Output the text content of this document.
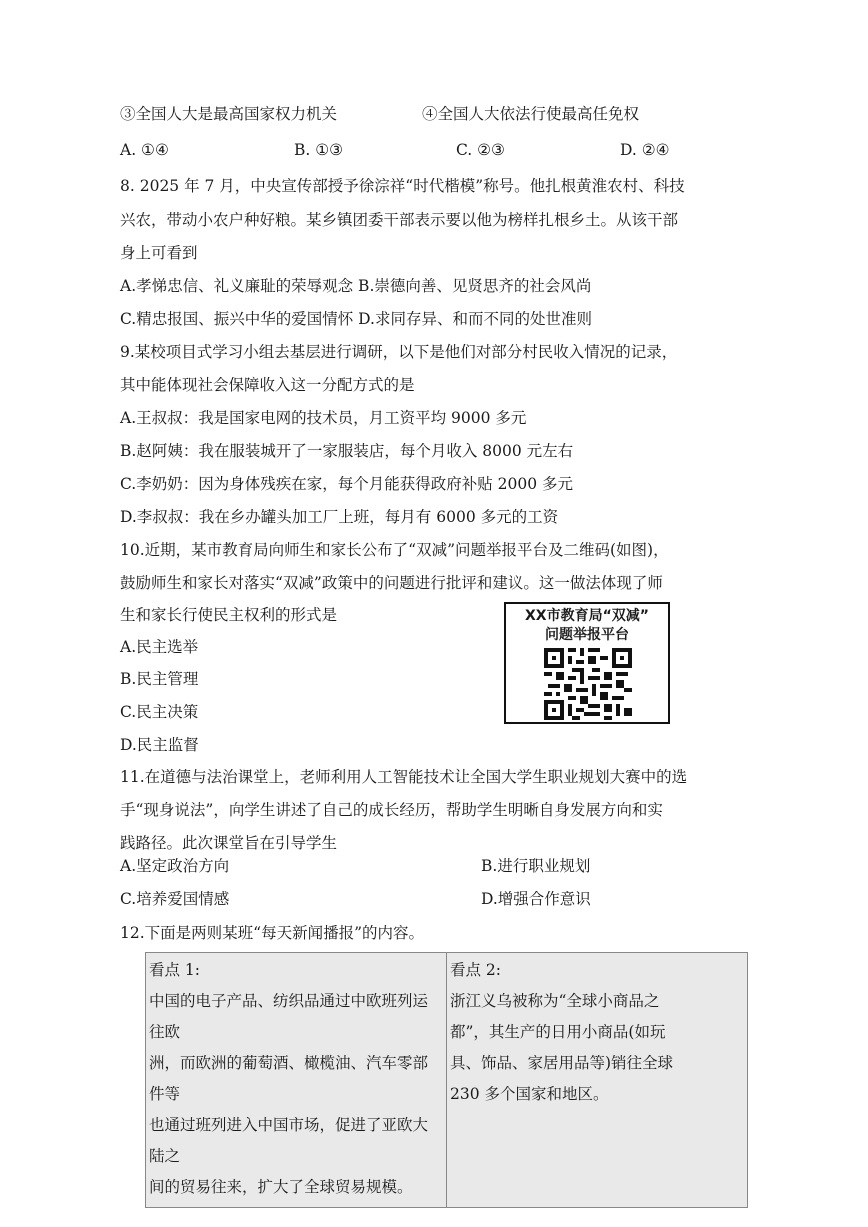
③全国人大是最高国家权力机关	④全国人大依法行使最高任免权
A. ①④	B. ①③	C. ②③	D. ②④
8. 2025 年 7 月，中央宣传部授予徐淙祥“时代楷模”称号。他扎根黄淮农村、科技
兴农，带动小农户种好粮。某乡镇团委干部表示要以他为榜样扎根乡土。从该干部
身上可看到
A.孝悌忠信、礼义廉耻的荣辱观念 B.崇德向善、见贤思齐的社会风尚
C.精忠报国、振兴中华的爱国情怀 D.求同存异、和而不同的处世准则
9.某校项目式学习小组去基层进行调研，以下是他们对部分村民收入情况的记录，
其中能体现社会保障收入这一分配方式的是
A.王叔叔：我是国家电网的技术员，月工资平均 9000 多元
B.赵阿姨：我在服装城开了一家服装店，每个月收入 8000 元左右
C.李奶奶：因为身体残疾在家，每个月能获得政府补贴 2000 多元
D.李叔叔：我在乡办罐头加工厂上班，每月有 6000 多元的工资
10.近期，某市教育局向师生和家长公布了“双减”问题举报平台及二维码(如图)，
鼓励师生和家长对落实“双减”政策中的问题进行批评和建议。这一做法体现了师
生和家长行使民主权利的形式是
A.民主选举
B.民主管理
C.民主决策
D.民主监督
XX市教育局“双减”
问题举报平台
11.在道德与法治课堂上，老师利用人工智能技术让全国大学生职业规划大赛中的选
手“现身说法”，向学生讲述了自己的成长经历，帮助学生明晰自身发展方向和实
践路径。此次课堂旨在引导学生
A.坚定政治方向	B.进行职业规划
C.培养爱国情感	D.增强合作意识
12.下面是两则某班“每天新闻播报”的内容。
看点 1:
中国的电子产品、纺织品通过中欧班列运往欧
洲，而欧洲的葡萄酒、橄榄油、汽车零部件等
也通过班列进入中国市场，促进了亚欧大陆之
间的贸易往来，扩大了全球贸易规模。

看点 2:
浙江义乌被称为“全球小商品之
都”，其生产的日用小商品(如玩
具、饰品、家居用品等)销往全球
230 多个国家和地区。
